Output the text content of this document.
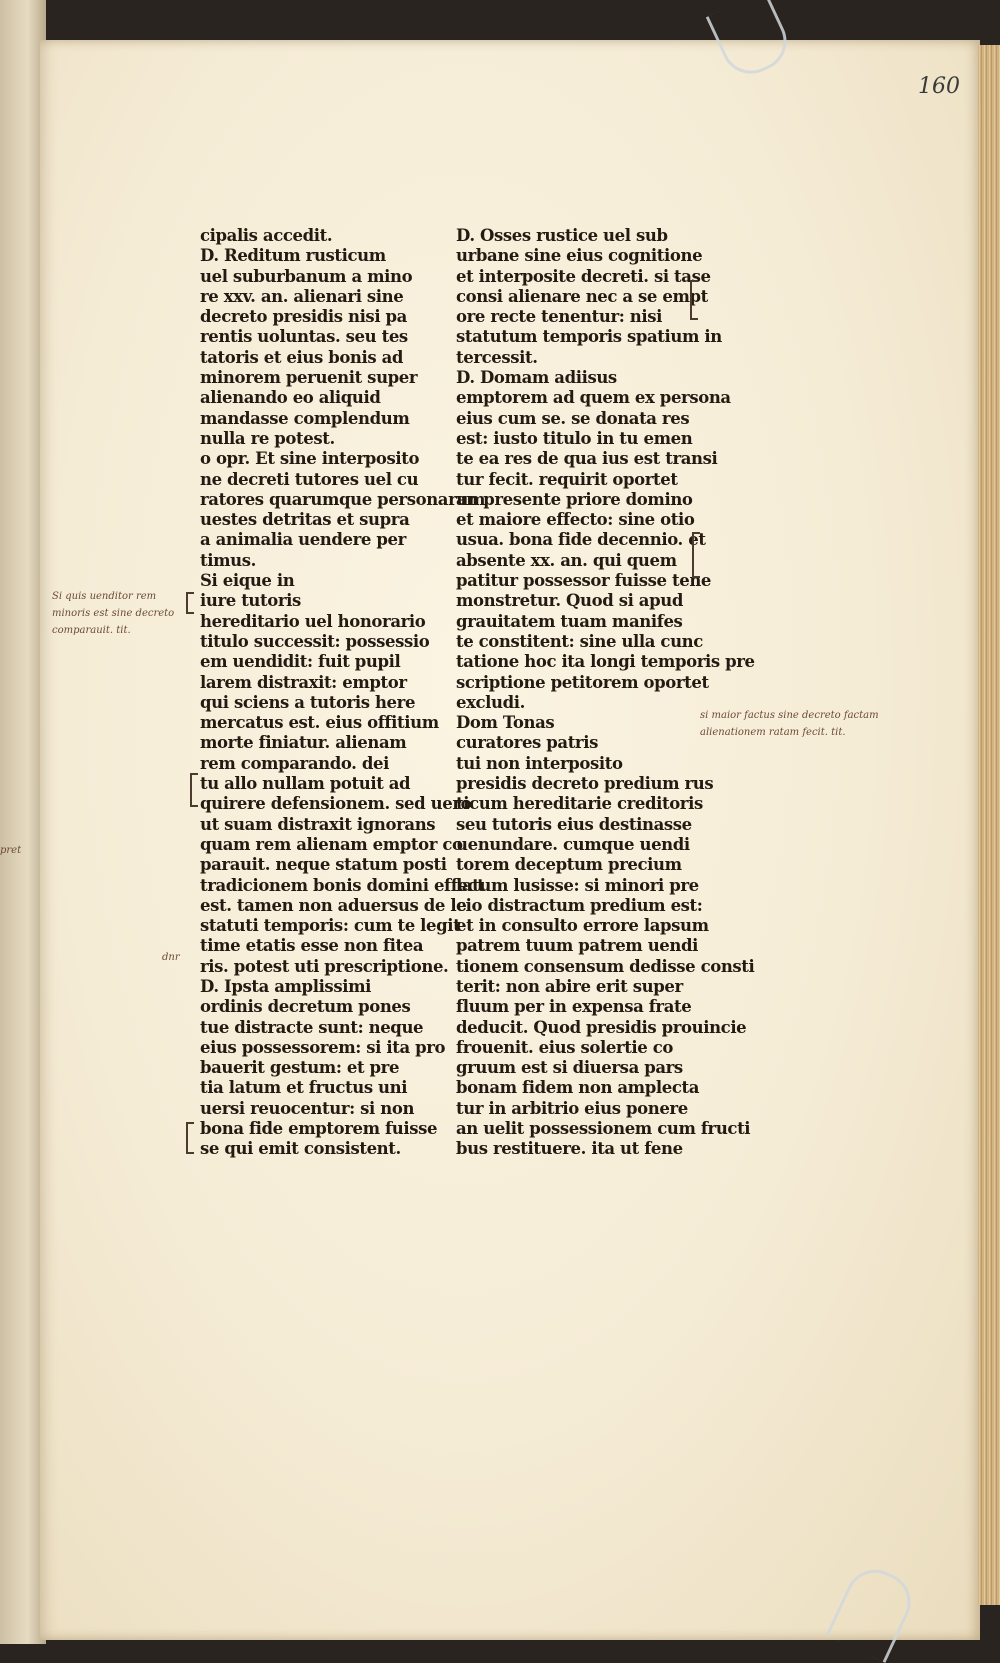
160
cipalis accedit.
D. Reditum rusticum
uel suburbanum a mino
re xxv. an. alienari sine
decreto presidis nisi pa
rentis uoluntas. seu tes
tatoris et eius bonis ad
minorem peruenit super
alienando eo aliquid
mandasse complendum
nulla re potest.
o opr. Et sine interposito
ne decreti tutores uel cu
ratores quarumque personarum
uestes detritas et supra
a animalia uendere per
timus.
Si eique in
iure tutoris
hereditario uel honorario
titulo successit: possessio
em uendidit: fuit pupil
larem distraxit: emptor
qui sciens a tutoris here
mercatus est. eius offitium
morte finiatur. alienam
rem comparando. dei
tu allo nullam potuit ad
quirere defensionem. sed uero
ut suam distraxit ignorans
quam rem alienam emptor co
parauit. neque statum posti
tradicionem bonis domini effect
est. tamen non aduersus de le
statuti temporis: cum te legit
time etatis esse non fitea
ris. potest uti prescriptione.
D. Ipsta amplissimi
ordinis decretum pones
tue distracte sunt: neque
eius possessorem: si ita pro
bauerit gestum: et pre
tia latum et fructus uni
uersi reuocentur: si non
bona fide emptorem fuisse
se qui emit consistent.
D. Osses rustice uel sub
urbane sine eius cognitione
et interposite decreti. si tase
consi alienare nec a se empt
ore recte tenentur: nisi
statutum temporis spatium in
tercessit.
D. Domam adiisus
emptorem ad quem ex persona
eius cum se. se donata res
est: iusto titulo in tu emen
te ea res de qua ius est transi
tur fecit. requirit oportet
an presente priore domino
et maiore effecto: sine otio
usua. bona fide decennio. et
absente xx. an. qui quem
patitur possessor fuisse tene
monstretur. Quod si apud
grauitatem tuam manifes
te constitent: sine ulla cunc
tatione hoc ita longi temporis pre
scriptione petitorem oportet
excludi.
Dom Tonas
curatores patris
tui non interposito
presidis decreto predium rus
ticum hereditarie creditoris
seu tutoris eius destinasse
uenundare. cumque uendi
torem deceptum precium
latum lusisse: si minori pre
cio distractum predium est:
et in consulto errore lapsum
patrem tuum patrem uendi
tionem consensum dedisse consti
terit: non abire erit super
fluum per in expensa frate
deducit. Quod presidis prouincie
frouenit. eius solertie co
gruum est si diuersa pars
bonam fidem non amplecta
tur in arbitrio eius ponere
an uelit possessionem cum fructi
bus restituere. ita ut fene
Si quis uenditor rem
minoris est sine decreto
comparauit. tit.
si maior factus sine decreto factam
alienationem ratam fecit. tit.
pret
dnr
